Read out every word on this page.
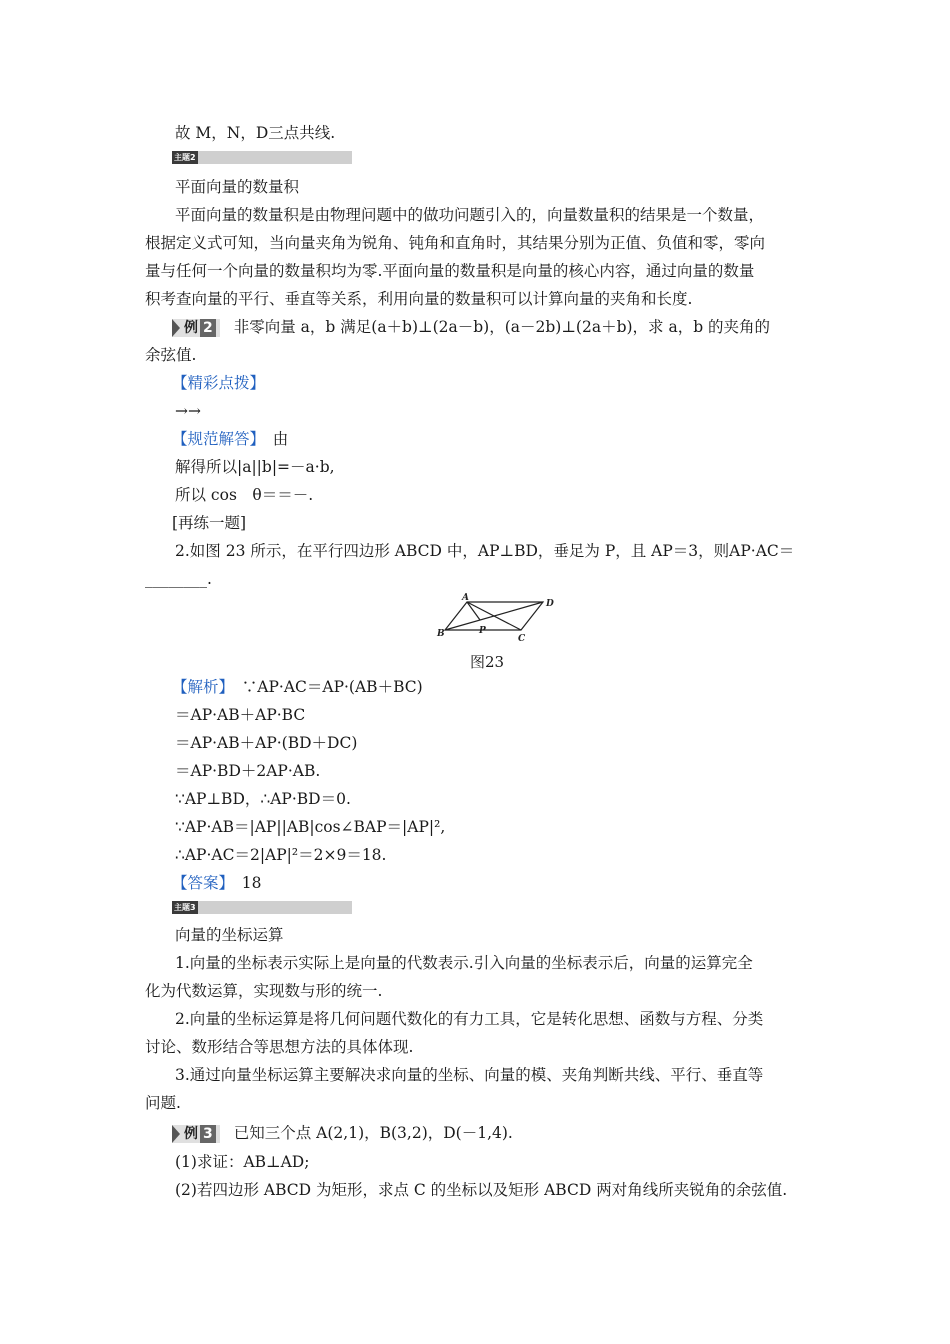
故 M，N，D三点共线.
主题2
平面向量的数量积
平面向量的数量积是由物理问题中的做功问题引入的，向量数量积的结果是一个数量，
根据定义式可知，当向量夹角为锐角、钝角和直角时，其结果分别为正值、负值和零，零向
量与任何一个向量的数量积均为零.平面向量的数量积是向量的核心内容，通过向量的数量
积考查向量的平行、垂直等关系，利用向量的数量积可以计算向量的夹角和长度.
例 2 非零向量 a，b 满足(a＋b)⊥(2a－b)，(a－2b)⊥(2a＋b)，求 a，b 的夹角的
余弦值.
【精彩点拨】
→→
【规范解答】　 由
解得所以|a||b|=－a·b,
所以 cos　θ＝＝－.
[再练一题]
2.如图 23 所示，在平行四边形 ABCD 中，AP⊥BD，垂足为 P，且 AP＝3，则AP·AC＝
________.
A
B	C
D
P
图23
【解析】　 ∵AP·AC＝AP·(AB＋BC)
＝AP·AB＋AP·BC
＝AP·AB＋AP·(BD＋DC)
＝AP·BD＋2AP·AB.
∵AP⊥BD，∴AP·BD＝0.
∵AP·AB＝|AP||AB|cos∠BAP＝|AP|²,
∴AP·AC＝2|AP|²＝2×9＝18.
【答案】　 18
主题3
向量的坐标运算
1.向量的坐标表示实际上是向量的代数表示.引入向量的坐标表示后，向量的运算完全
化为代数运算，实现数与形的统一.
2.向量的坐标运算是将几何问题代数化的有力工具，它是转化思想、函数与方程、分类
讨论、数形结合等思想方法的具体体现.
3.通过向量坐标运算主要解决求向量的坐标、向量的模、夹角判断共线、平行、垂直等
问题.
例 3 已知三个点 A(2,1)，B(3,2)，D(－1,4).
(1)求证：AB⊥AD;
(2)若四边形 ABCD 为矩形，求点 C 的坐标以及矩形 ABCD 两对角线所夹锐角的余弦值.
